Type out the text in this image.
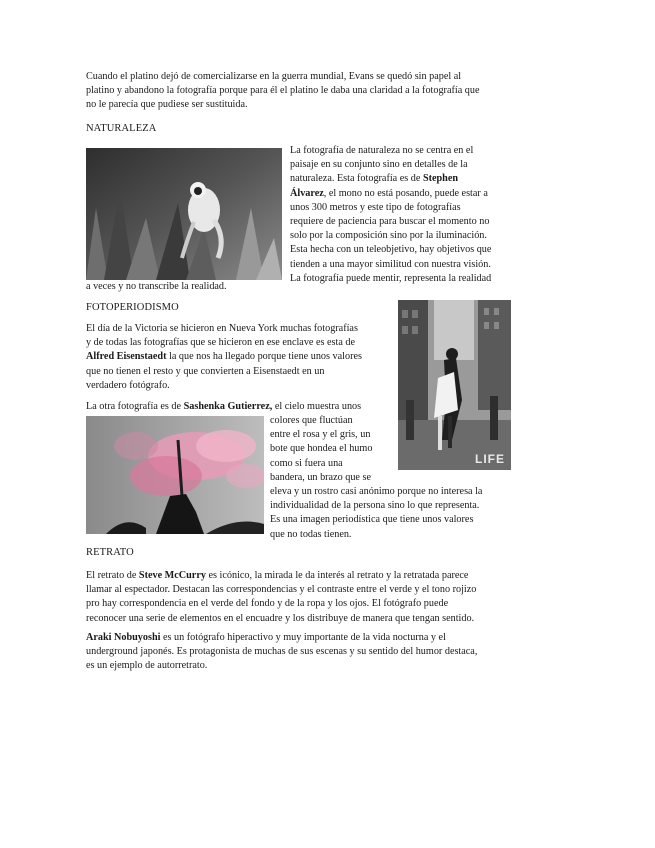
Cuando el platino dejó de comercializarse en la guerra mundial, Evans se quedó sin papel al
platino y abandono la fotografía porque para él el platino le daba una claridad a la fotografía que
no le parecía que pudiese ser sustituida.
NATURALEZA
La fotografía de naturaleza no se centra en el
paisaje en su conjunto sino en detalles de la
naturaleza. Esta fotografía es de Stephen
Álvarez, el mono no está posando, puede estar a
unos 300 metros y este tipo de fotografías
requiere de paciencia para buscar el momento no
solo por la composición sino por la iluminación.
Esta hecha con un teleobjetivo, hay objetivos que
tienden a una mayor similitud con nuestra visión.
La fotografía puede mentir, representa la realidad
a veces y no transcribe la realidad.
FOTOPERIODISMO
LIFE
El día de la Victoria se hicieron en Nueva York muchas fotografías
y de todas las fotografías que se hicieron en ese enclave es esta de
Alfred Eisenstaedt la que nos ha llegado porque tiene unos valores
que no tienen el resto y que convierten a Eisenstaedt en un
verdadero fotógrafo.
La otra fotografía es de Sashenka Gutierrez, el cielo muestra unos
colores que fluctúan
entre el rosa y el gris, un
bote que hondea el humo
como si fuera una
bandera, un brazo que se
eleva y un rostro casi anónimo porque no interesa la
individualidad de la persona sino lo que representa.
Es una imagen periodística que tiene unos valores
que no todas tienen.
RETRATO
El retrato de Steve McCurry es icónico, la mirada le da interés al retrato y la retratada parece
llamar al espectador. Destacan las correspondencias y el contraste entre el verde y el tono rojizo
pro hay correspondencia en el verde del fondo y de la ropa y los ojos. El fotógrafo puede
reconocer una serie de elementos en el encuadre y los distribuye de manera que tengan sentido.
Araki Nobuyoshi es un fotógrafo hiperactivo y muy importante de la vida nocturna y el
underground japonés. Es protagonista de muchas de sus escenas y su sentido del humor destaca,
es un ejemplo de autorretrato.
